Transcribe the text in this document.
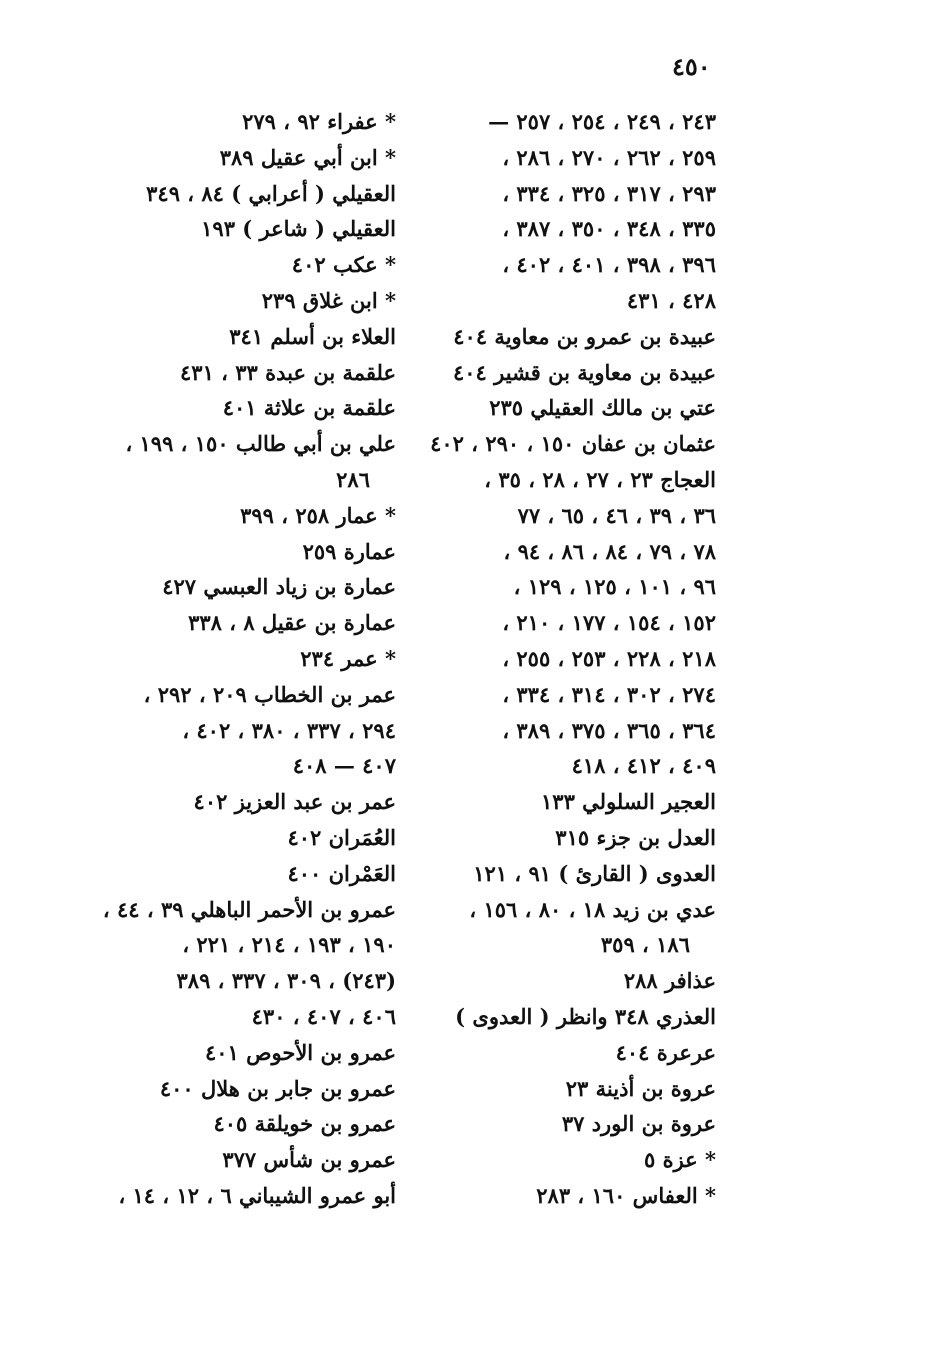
٤٥٠
٢٤٣ ، ٢٤٩ ، ٢٥٤ ، ٢٥٧ —
٢٥٩ ، ٢٦٢ ، ٢٧٠ ، ٢٨٦ ،
٢٩٣ ، ٣١٧ ، ٣٢٥ ، ٣٣٤ ،
٣٣٥ ، ٣٤٨ ، ٣٥٠ ، ٣٨٧ ،
٣٩٦ ، ٣٩٨ ، ٤٠١ ، ٤٠٢ ،
٤٢٨ ، ٤٣١
عبيدة بن عمرو بن معاوية ٤٠٤
عبيدة بن معاوية بن قشير ٤٠٤
عتي بن مالك العقيلي ٢٣٥
عثمان بن عفان ١٥٠ ، ٢٩٠ ، ٤٠٢
العجاج ٢٣ ، ٢٧ ، ٢٨ ، ٣٥ ،
٣٦ ، ٣٩ ، ٤٦ ، ٦٥ ، ٧٧
٧٨ ، ٧٩ ، ٨٤ ، ٨٦ ، ٩٤ ،
٩٦ ، ١٠١ ، ١٢٥ ، ١٢٩ ،
١٥٢ ، ١٥٤ ، ١٧٧ ، ٢١٠ ،
٢١٨ ، ٢٢٨ ، ٢٥٣ ، ٢٥٥ ،
٢٧٤ ، ٣٠٢ ، ٣١٤ ، ٣٣٤ ،
٣٦٤ ، ٣٦٥ ، ٣٧٥ ، ٣٨٩ ،
٤٠٩ ، ٤١٢ ، ٤١٨
العجير السلولي ١٣٣
العدل بن جزء ٣١٥
العدوى ( القارئ ) ٩١ ، ١٢١
عدي بن زيد ١٨ ، ٨٠ ، ١٥٦ ،
١٨٦ ، ٣٥٩
عذافر ٢٨٨
العذري ٣٤٨ وانظر ( العدوى )
عرعرة ٤٠٤
عروة بن أذينة ٢٣
عروة بن الورد ٣٧
* عزة ٥
* العفاس ١٦٠ ، ٢٨٣
* عفراء ٩٢ ، ٢٧٩
* ابن أبي عقيل ٣٨٩
العقيلي ( أعرابي ) ٨٤ ، ٣٤٩
العقيلي ( شاعر ) ١٩٣
* عكب ٤٠٢
* ابن غلاق ٢٣٩
العلاء بن أسلم ٣٤١
علقمة بن عبدة ٣٣ ، ٤٣١
علقمة بن علاثة ٤٠١
علي بن أبي طالب ١٥٠ ، ١٩٩ ،
٢٨٦
* عمار ٢٥٨ ، ٣٩٩
عمارة ٢٥٩
عمارة بن زياد العبسي ٤٢٧
عمارة بن عقيل ٨ ، ٣٣٨
* عمر ٢٣٤
عمر بن الخطاب ٢٠٩ ، ٢٩٢ ،
٢٩٤ ، ٣٣٧ ، ٣٨٠ ، ٤٠٢ ،
٤٠٧ — ٤٠٨
عمر بن عبد العزيز ٤٠٢
العُمَران ٤٠٢
العَمْران ٤٠٠
عمرو بن الأحمر الباهلي ٣٩ ، ٤٤ ،
١٩٠ ، ١٩٣ ، ٢١٤ ، ٢٢١ ،
(٢٤٣) ، ٣٠٩ ، ٣٣٧ ، ٣٨٩
٤٠٦ ، ٤٠٧ ، ٤٣٠
عمرو بن الأحوص ٤٠١
عمرو بن جابر بن هلال ٤٠٠
عمرو بن خويلقة ٤٠٥
عمرو بن شأس ٣٧٧
أبو عمرو الشيباني ٦ ، ١٢ ، ١٤ ،
